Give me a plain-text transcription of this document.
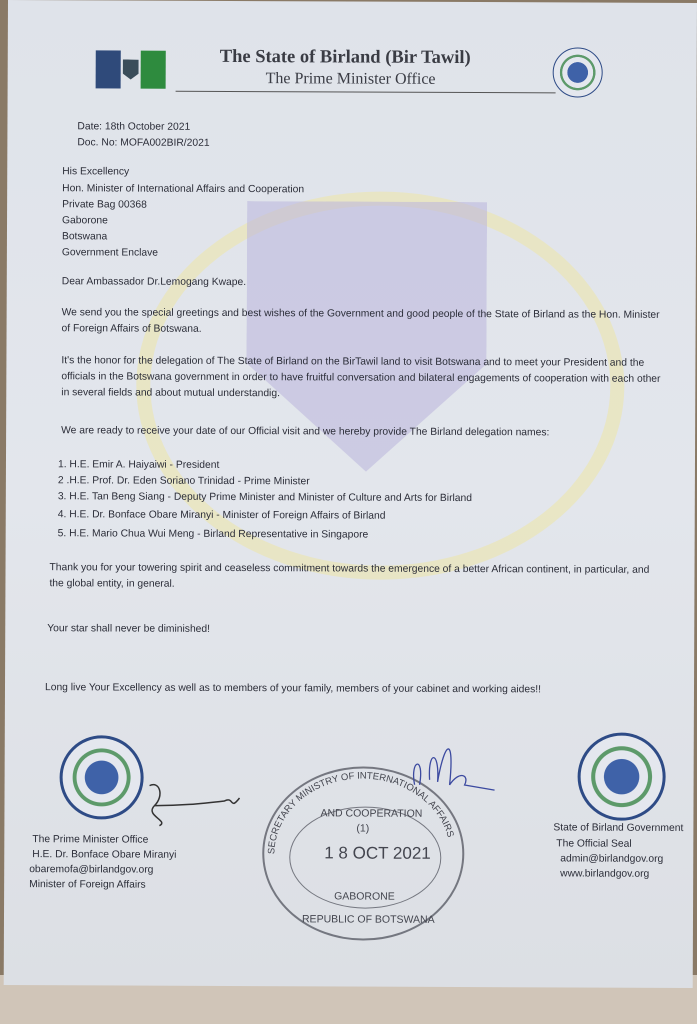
The State of Birland (Bir Tawil)
The Prime Minister Office
Date: 18th October 2021
Doc. No: MOFA002BIR/2021
His Excellency
Hon. Minister of International Affairs and Cooperation
Private Bag 00368
Gaborone
Botswana
Government Enclave
Dear Ambassador Dr.Lemogang Kwape.
We send you the special greetings and best wishes of the Government and good people of the State of Birland as the Hon. Minister of Foreign Affairs of Botswana.
It's the honor for the delegation of The State of Birland on the BirTawil land to visit Botswana and to meet your President and the officials in the Botswana government in order to have fruitful conversation and bilateral engagements of cooperation with each other in several fields and about mutual understandig.
We are ready to receive your date of our Official visit and we hereby provide The Birland delegation names:
1. H.E. Emir A. Haiyaiwi - President
2 .H.E. Prof. Dr. Eden Soriano Trinidad - Prime Minister
3. H.E. Tan Beng Siang - Deputy Prime Minister and Minister of Culture and Arts for Birland
4. H.E. Dr. Bonface Obare Miranyi - Minister of Foreign Affairs of Birland
5. H.E. Mario Chua Wui Meng - Birland Representative in Singapore
Thank you for your towering spirit and ceaseless commitment towards the emergence of a better African continent, in particular, and the global entity, in general.
Your star shall never be diminished!
Long live Your Excellency as well as to members of your family, members of your cabinet and working aides!!
The Prime Minister Office
H.E. Dr. Bonface Obare Miranyi
obaremofa@birlandgov.org
Minister of Foreign Affairs
SECRETARY MINISTRY OF INTERNATIONAL AFFAIRS
AND COOPERATION
(1)
1 8 OCT 2021
GABORONE
REPUBLIC OF BOTSWANA
State of Birland Government
The Official Seal
admin@birlandgov.org
www.birlandgov.org
